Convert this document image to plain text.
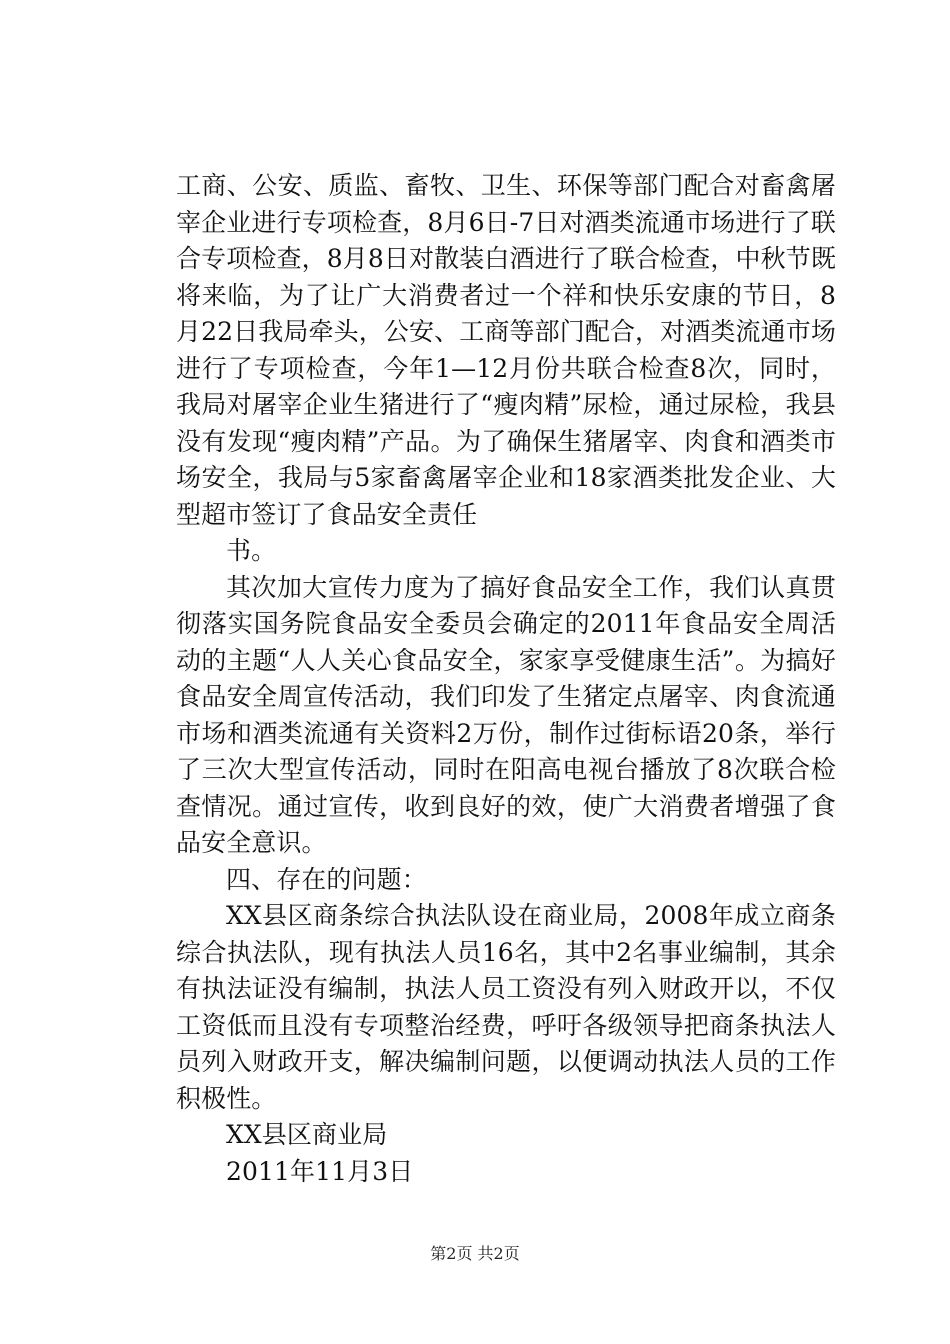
工商、公安、质监、畜牧、卫生、环保等部门配合对畜禽屠宰企业进行专项检查，8月6日-7日对酒类流通市场进行了联合专项检查，8月8日对散装白酒进行了联合检查，中秋节既将来临，为了让广大消费者过一个祥和快乐安康的节日，8月22日我局牵头，公安、工商等部门配合，对酒类流通市场进行了专项检查，今年1—12月份共联合检查8次，同时，我局对屠宰企业生猪进行了“瘦肉精”尿检，通过尿检，我县没有发现“瘦肉精”产品。为了确保生猪屠宰、肉食和酒类市场安全，我局与5家畜禽屠宰企业和18家酒类批发企业、大型超市签订了食品安全责任

书。

其次加大宣传力度为了搞好食品安全工作，我们认真贯彻落实国务院食品安全委员会确定的2011年食品安全周活动的主题“人人关心食品安全，家家享受健康生活”。为搞好食品安全周宣传活动，我们印发了生猪定点屠宰、肉食流通市场和酒类流通有关资料2万份，制作过街标语20条，举行了三次大型宣传活动，同时在阳高电视台播放了8次联合检查情况。通过宣传，收到良好的效，使广大消费者增强了食品安全意识。

四、存在的问题：

XX县区商条综合执法队设在商业局，2008年成立商条综合执法队，现有执法人员16名，其中2名事业编制，其余有执法证没有编制，执法人员工资没有列入财政开以，不仅工资低而且没有专项整治经费，呼吁各级领导把商条执法人员列入财政开支，解决编制问题，以便调动执法人员的工作积极性。

XX县区商业局

2011年11月3日

第2页 共2页
